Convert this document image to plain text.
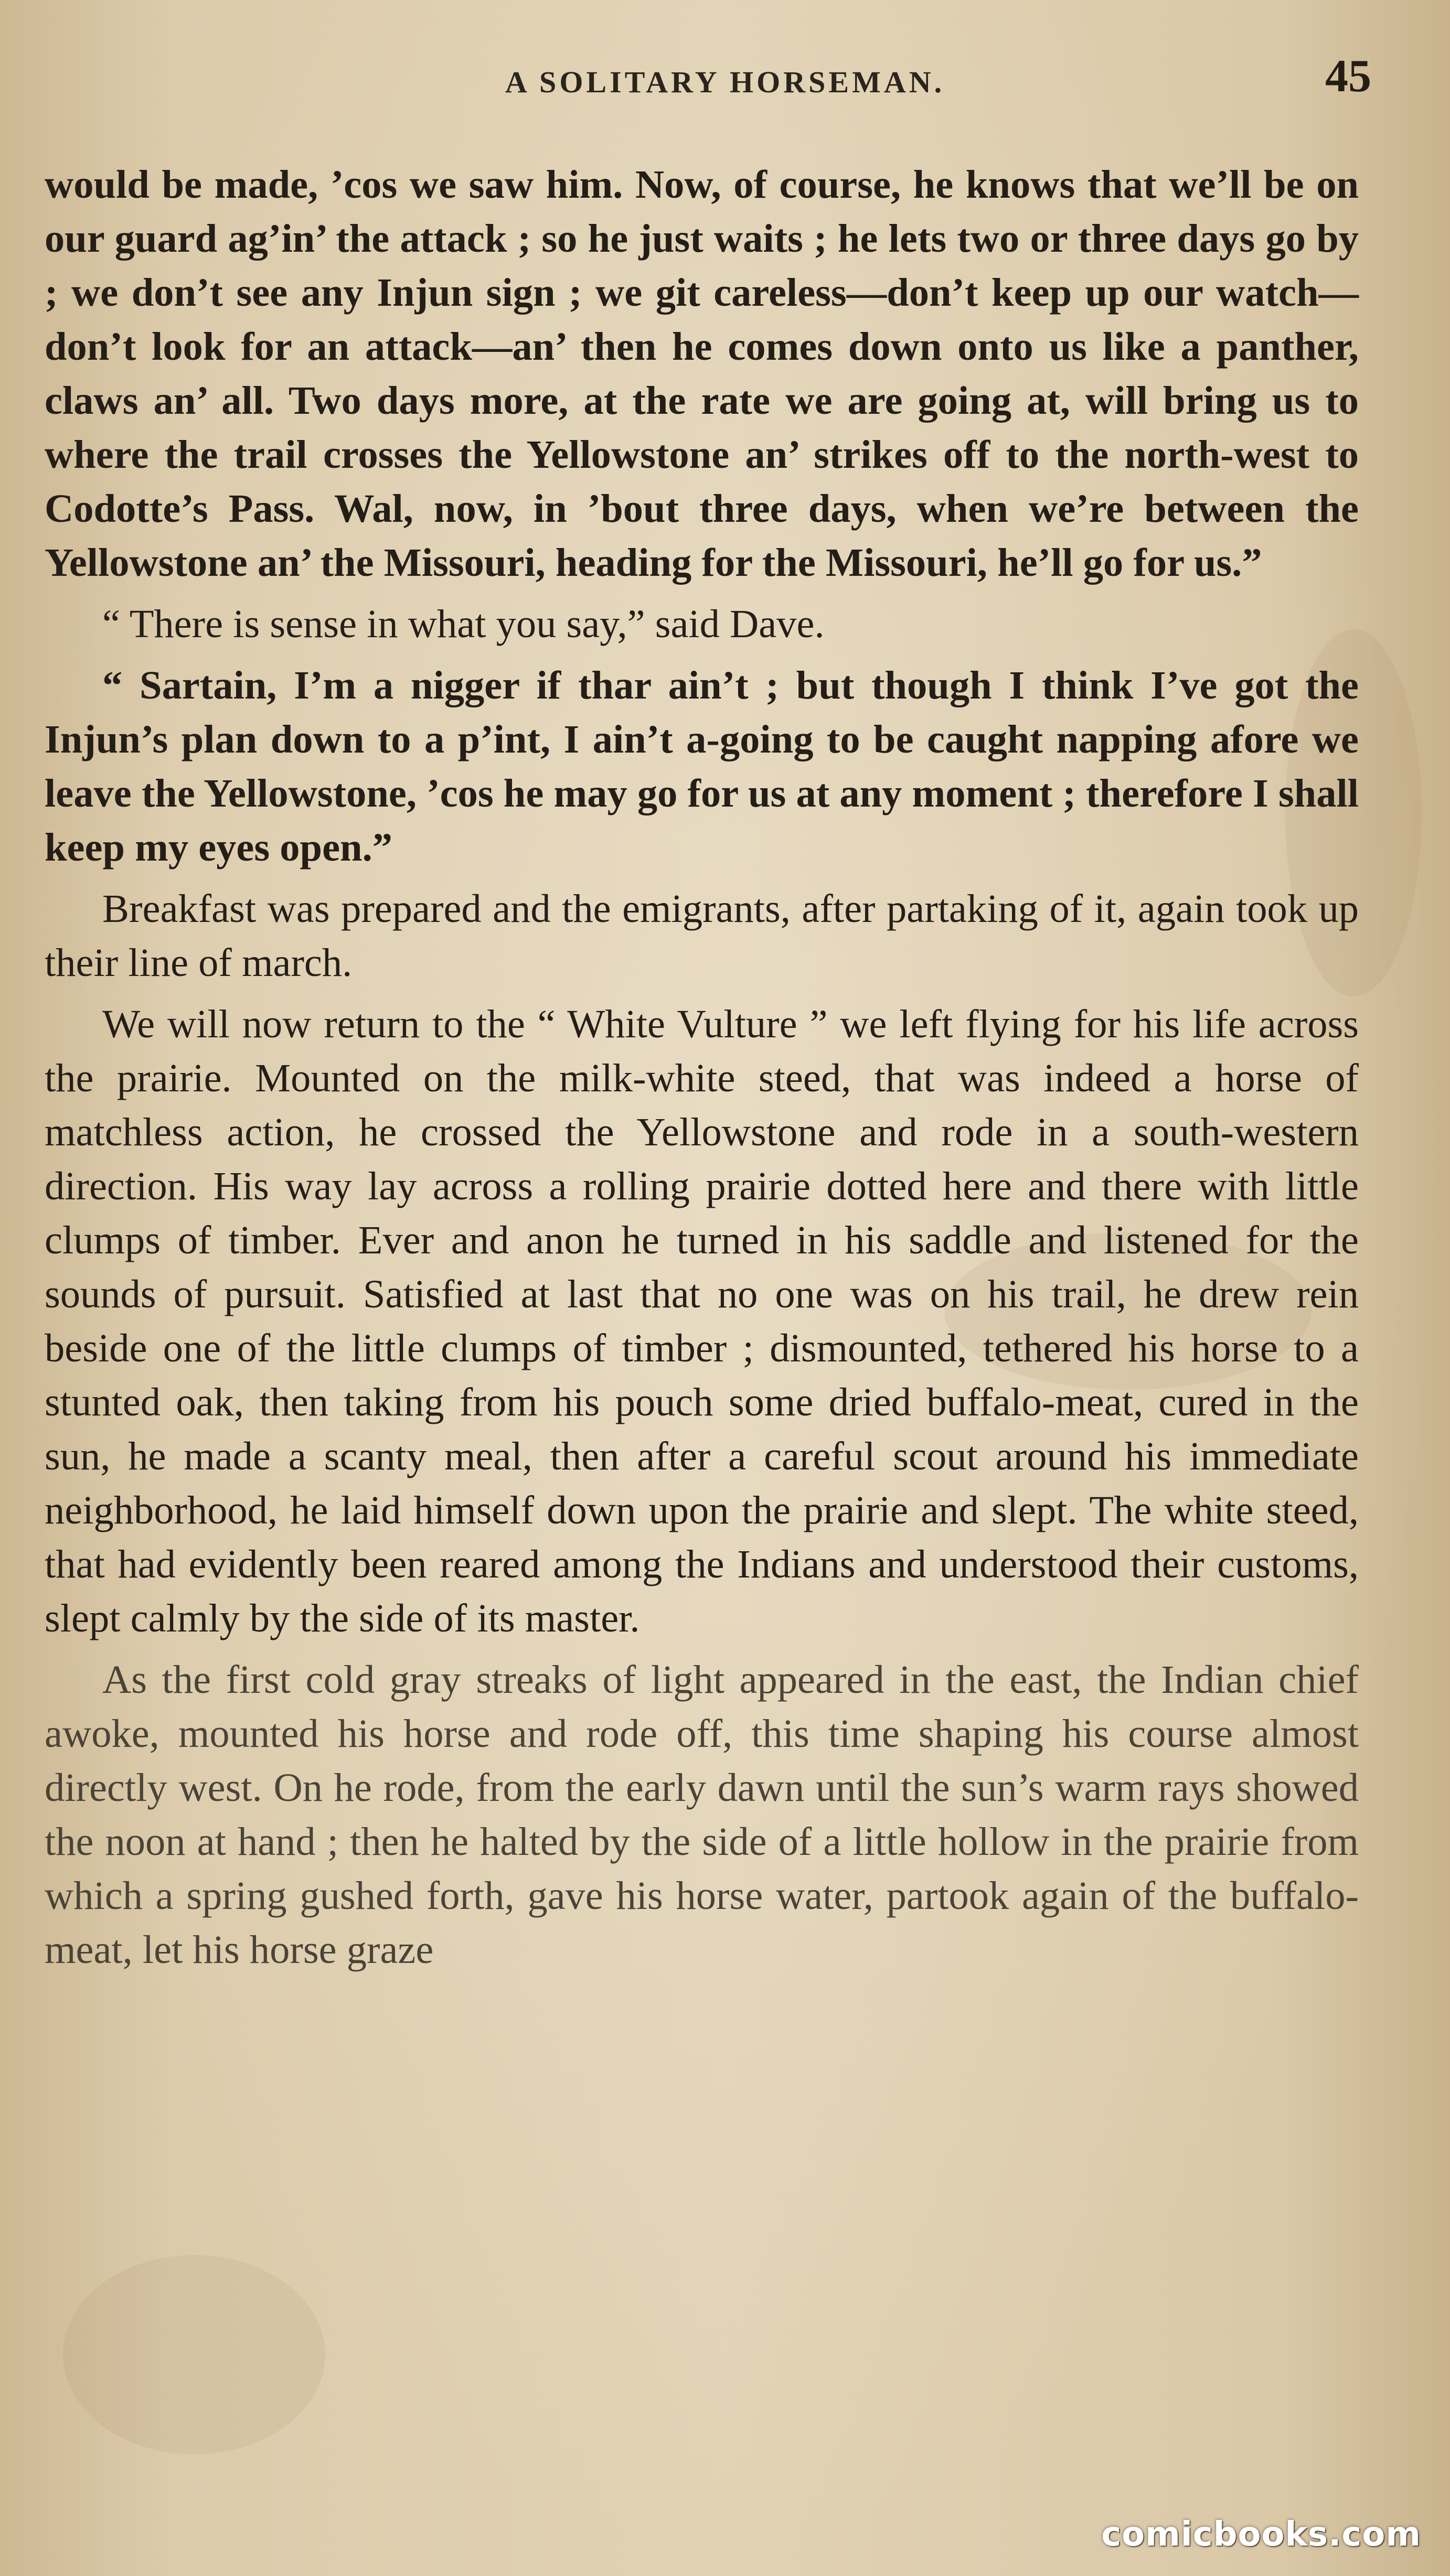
A SOLITARY HORSEMAN.	45

would be made, ’cos we saw him. Now, of course, he knows that we’ll be on our guard ag’in’ the attack ; so he just waits ; he lets two or three days go by ; we don’t see any Injun sign ; we git careless—don’t keep up our watch—don’t look for an attack—an’ then he comes down onto us like a panther, claws an’ all. Two days more, at the rate we are going at, will bring us to where the trail crosses the Yellowstone an’ strikes off to the north-west to Codotte’s Pass. Wal, now, in ’bout three days, when we’re between the Yellowstone an’ the Missouri, heading for the Missouri, he’ll go for us.”

“ There is sense in what you say,” said Dave.

“ Sartain, I’m a nigger if thar ain’t ; but though I think I’ve got the Injun’s plan down to a p’int, I ain’t a-going to be caught napping afore we leave the Yellowstone, ’cos he may go for us at any moment ; therefore I shall keep my eyes open.”

Breakfast was prepared and the emigrants, after partaking of it, again took up their line of march.

We will now return to the “ White Vulture ” we left flying for his life across the prairie. Mounted on the milk-white steed, that was indeed a horse of matchless action, he crossed the Yellowstone and rode in a south-western direction. His way lay across a rolling prairie dotted here and there with little clumps of timber. Ever and anon he turned in his saddle and listened for the sounds of pursuit. Satisfied at last that no one was on his trail, he drew rein beside one of the little clumps of timber ; dismounted, tethered his horse to a stunted oak, then taking from his pouch some dried buffalo-meat, cured in the sun, he made a scanty meal, then after a careful scout around his immediate neighborhood, he laid himself down upon the prairie and slept. The white steed, that had evidently been reared among the Indians and understood their customs, slept calmly by the side of its master.

As the first cold gray streaks of light appeared in the east, the Indian chief awoke, mounted his horse and rode off, this time shaping his course almost directly west. On he rode, from the early dawn until the sun’s warm rays showed the noon at hand ; then he halted by the side of a little hollow in the prairie from which a spring gushed forth, gave his horse water, partook again of the buffalo-meat, let his horse graze

comicbooks.com
